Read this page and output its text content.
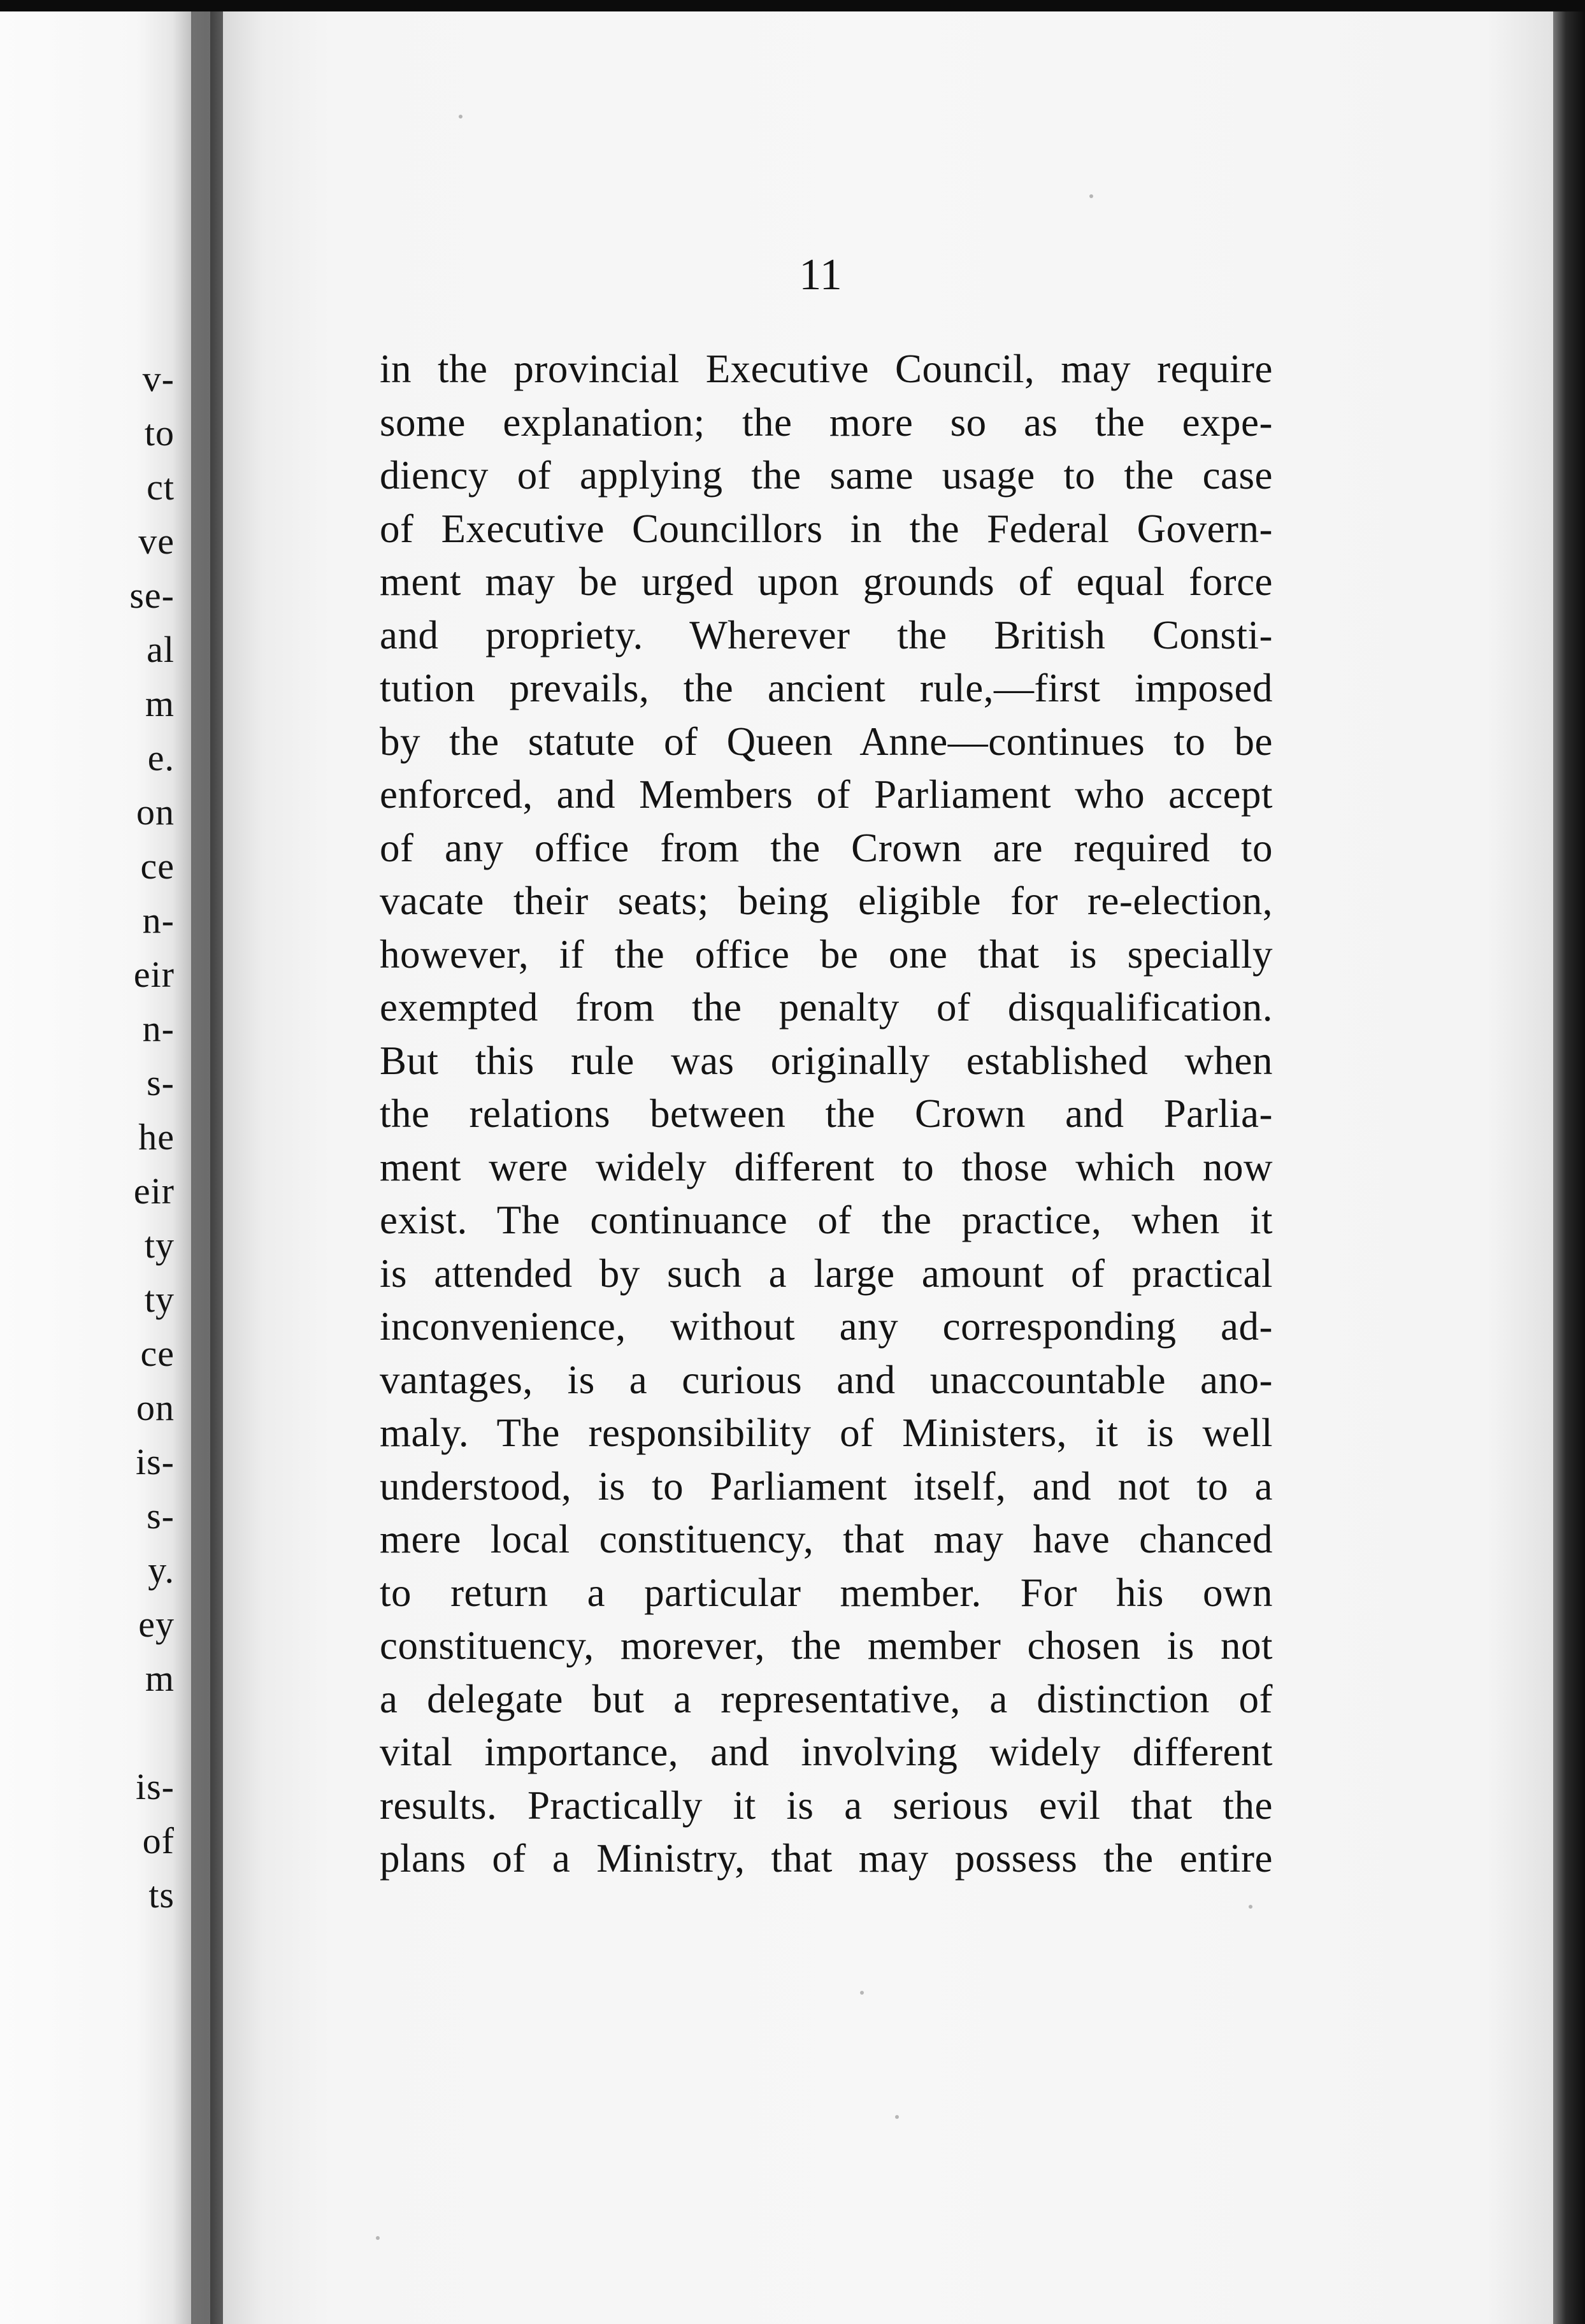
v-
to
ct
ve
se-
al
m
e.
on
ce
n-
eir
n-
s-
he
eir
ty
ty
ce
on
is-
s-
y.
ey
m
is-
of
ts
11
in the provincial Executive Council, may require
some explanation; the more so as the expe-
diency of applying the same usage to the case
of Executive Councillors in the Federal Govern-
ment may be urged upon grounds of equal force
and propriety. Wherever the British Consti-
tution prevails, the ancient rule,—first imposed
by the statute of Queen Anne—continues to be
enforced, and Members of Parliament who accept
of any office from the Crown are required to
vacate their seats; being eligible for re-election,
however, if the office be one that is specially
exempted from the penalty of disqualification.
But this rule was originally established when
the relations between the Crown and Parlia-
ment were widely different to those which now
exist. The continuance of the practice, when it
is attended by such a large amount of practical
inconvenience, without any corresponding ad-
vantages, is a curious and unaccountable ano-
maly. The responsibility of Ministers, it is well
understood, is to Parliament itself, and not to a
mere local constituency, that may have chanced
to return a particular member. For his own
constituency, morever, the member chosen is not
a delegate but a representative, a distinction of
vital importance, and involving widely different
results. Practically it is a serious evil that the
plans of a Ministry, that may possess the entire
